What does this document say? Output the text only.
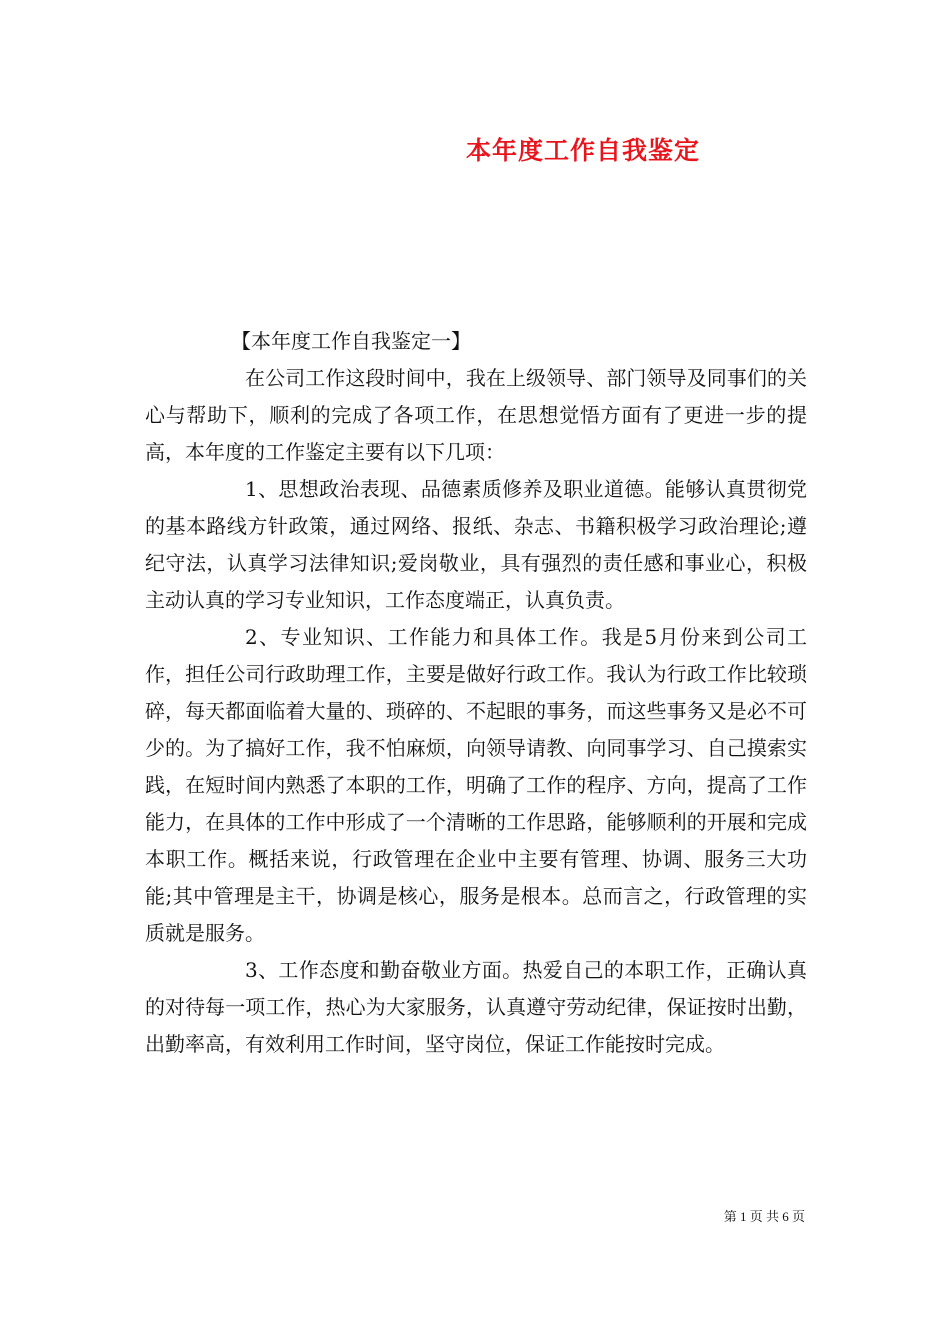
本年度工作自我鉴定

【本年度工作自我鉴定一】

在公司工作这段时间中，我在上级领导、部门领导及同事们的关心与帮助下，顺利的完成了各项工作，在思想觉悟方面有了更进一步的提高，本年度的工作鉴定主要有以下几项：

1、思想政治表现、品德素质修养及职业道德。能够认真贯彻党的基本路线方针政策，通过网络、报纸、杂志、书籍积极学习政治理论;遵纪守法，认真学习法律知识;爱岗敬业，具有强烈的责任感和事业心，积极主动认真的学习专业知识，工作态度端正，认真负责。

2、专业知识、工作能力和具体工作。我是5月份来到公司工作，担任公司行政助理工作，主要是做好行政工作。我认为行政工作比较琐碎，每天都面临着大量的、琐碎的、不起眼的事务，而这些事务又是必不可少的。为了搞好工作，我不怕麻烦，向领导请教、向同事学习、自己摸索实践，在短时间内熟悉了本职的工作，明确了工作的程序、方向，提高了工作能力，在具体的工作中形成了一个清晰的工作思路，能够顺利的开展和完成本职工作。概括来说，行政管理在企业中主要有管理、协调、服务三大功能;其中管理是主干，协调是核心，服务是根本。总而言之，行政管理的实质就是服务。

3、工作态度和勤奋敬业方面。热爱自己的本职工作，正确认真的对待每一项工作，热心为大家服务，认真遵守劳动纪律，保证按时出勤，出勤率高，有效利用工作时间，坚守岗位，保证工作能按时完成。

第 1 页 共 6 页
